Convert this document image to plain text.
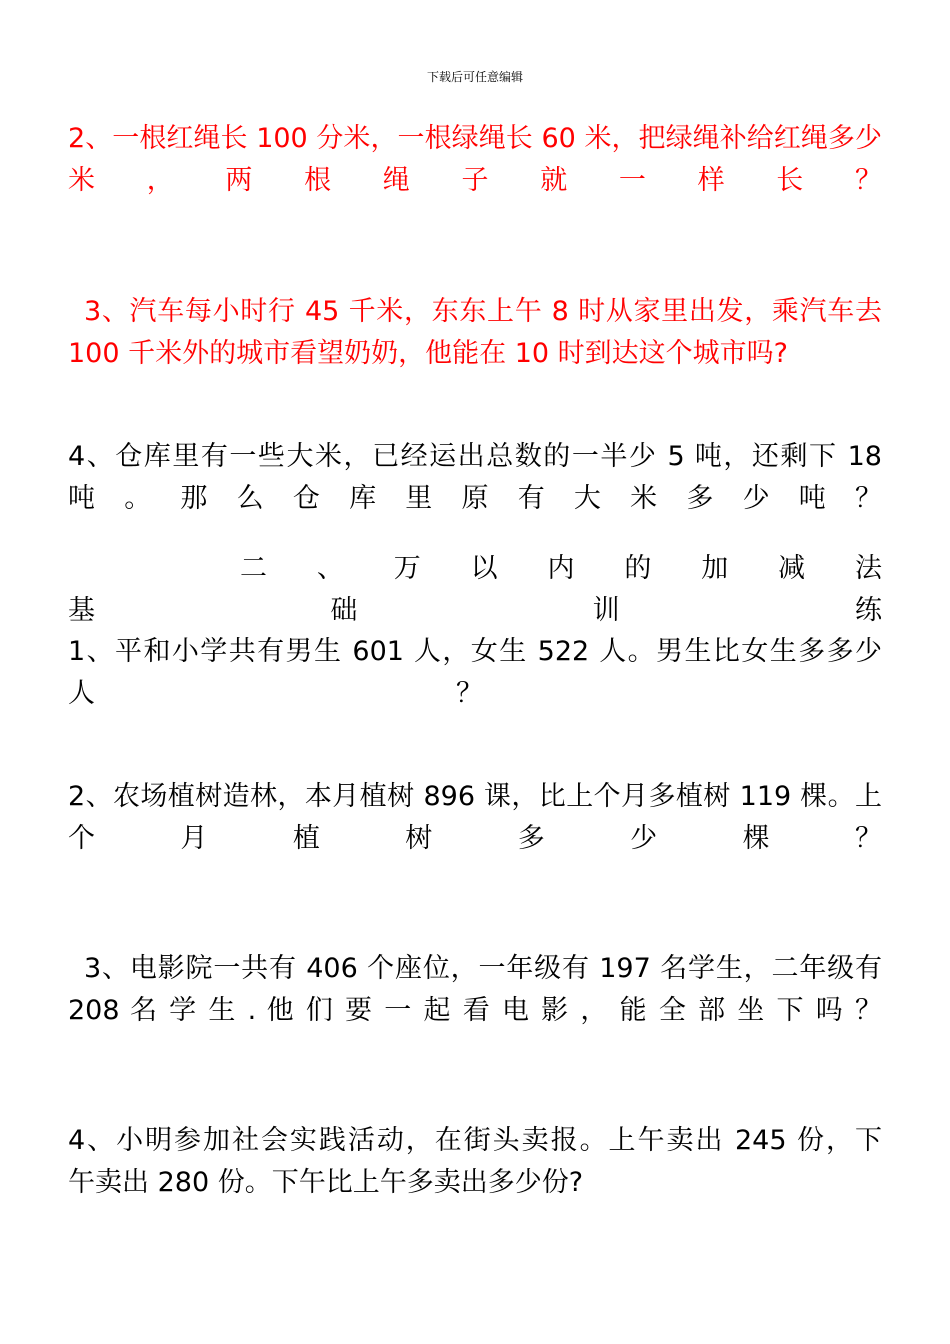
下载后可任意编辑
2、一根红绳长 100 分米，一根绿绳长 60 米，把绿绳补给红绳多少
米 ， 两 根 绳 子 就 一 样 长 ？
3、汽车每小时行 45 千米，东东上午 8 时从家里出发，乘汽车去
100 千米外的城市看望奶奶，他能在 10 时到达这个城市吗?
4、仓库里有一些大米，已经运出总数的一半少 5 吨，还剩下 18
吨 。 那 么 仓 库 里 原 有 大 米 多 少 吨 ？
二 、 万 以 内 的 加 减 法
基 础 训 练
1、平和小学共有男生 601 人，女生 522 人。男生比女生多多少
人 ？
2、农场植树造林，本月植树 896 课，比上个月多植树 119 棵。上
个 月 植 树 多 少 棵 ？
3、电影院一共有 406 个座位，一年级有 197 名学生，二年级有
208 名 学 生 . 他 们 要 一 起 看 电 影 ， 能 全 部 坐 下 吗 ？
4、小明参加社会实践活动，在街头卖报。上午卖出 245 份，下
午卖出 280 份。下午比上午多卖出多少份?
